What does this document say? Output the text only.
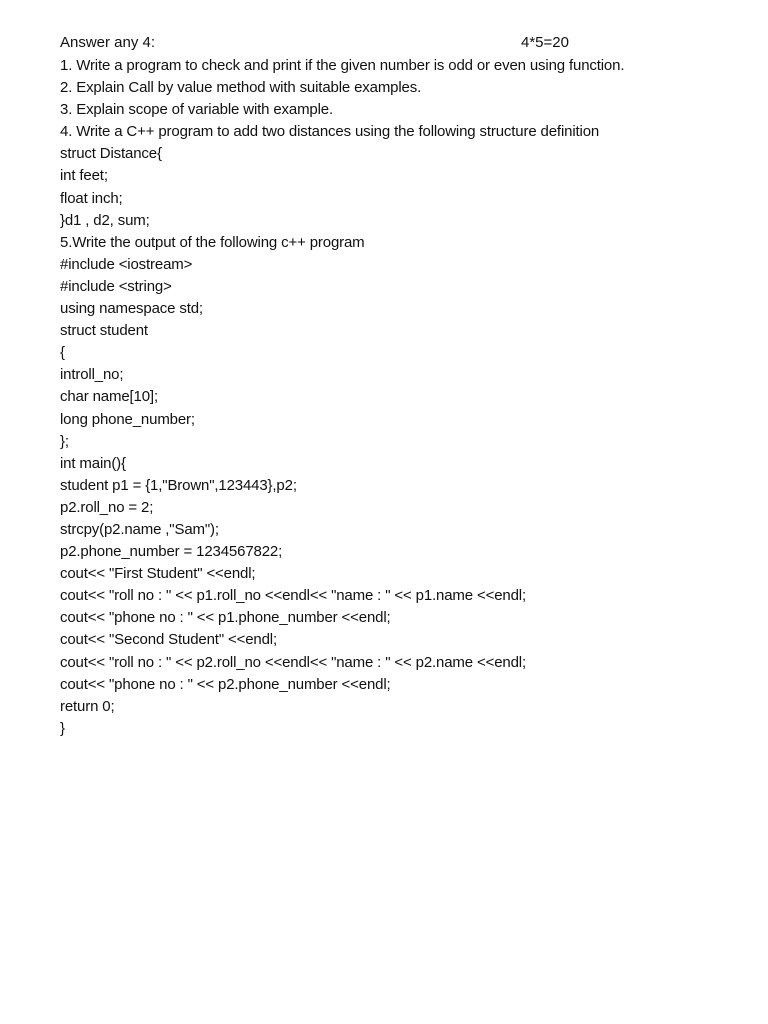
Answer any 4:	4*5=20
1. Write a program to check and print if the given number is odd or even using function.
2. Explain Call by value method with suitable examples.
3. Explain scope of variable with example.
4. Write a C++ program to add two distances using the following structure definition
struct Distance{
int feet;
float inch;
}d1 , d2, sum;
5.Write the output of the following c++ program
#include <iostream>
#include <string>
using namespace std;
struct student
{
introll_no;
char name[10];
long phone_number;
};
int main(){
student p1 = {1,"Brown",123443},p2;
p2.roll_no = 2;
strcpy(p2.name ,"Sam");
p2.phone_number = 1234567822;
cout<< "First Student" <<endl;
cout<< "roll no : " << p1.roll_no <<endl<< "name : " << p1.name <<endl;
cout<< "phone no : " << p1.phone_number <<endl;
cout<< "Second Student" <<endl;
cout<< "roll no : " << p2.roll_no <<endl<< "name : " << p2.name <<endl;
cout<< "phone no : " << p2.phone_number <<endl;
return 0;
}
